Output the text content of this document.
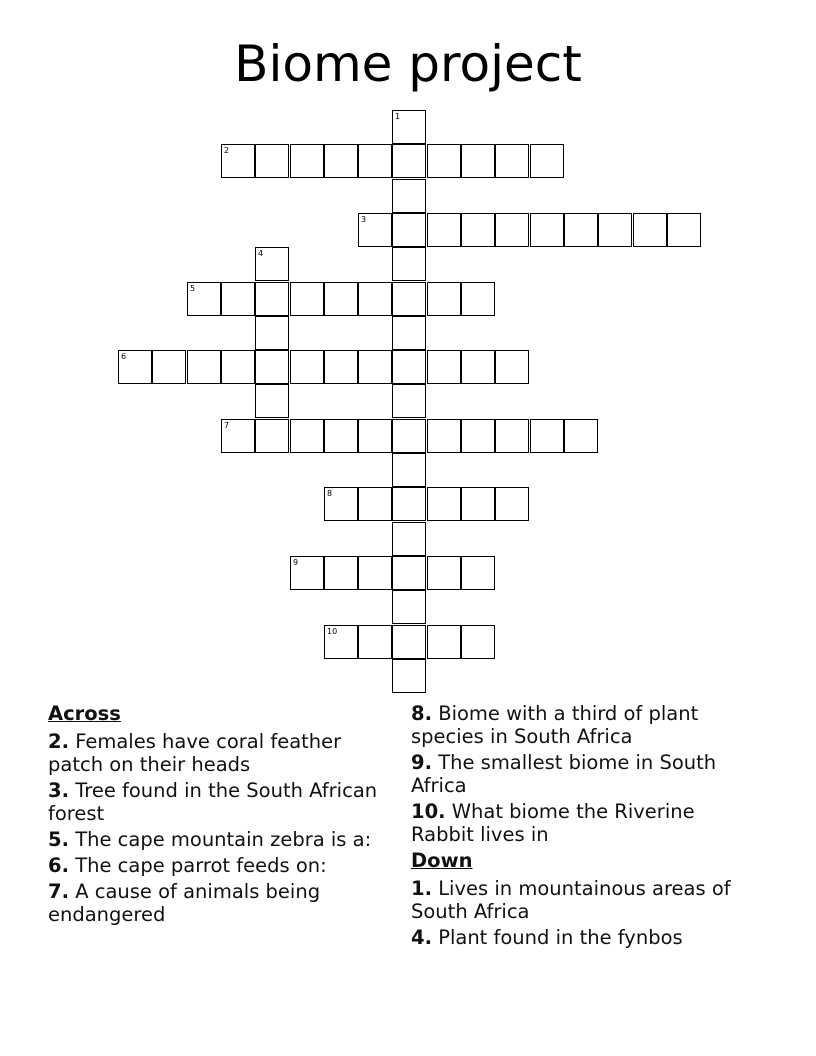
Biome project
1
2
3
4
5
6
7
8
9
10
Across
2. Females have coral feather patch on their heads
3. Tree found in the South African forest
5. The cape mountain zebra is a:
6. The cape parrot feeds on:
7. A cause of animals being endangered
8. Biome with a third of plant species in South Africa
9. The smallest biome in South Africa
10. What biome the Riverine Rabbit lives in
Down
1. Lives in mountainous areas of South Africa
4. Plant found in the fynbos
